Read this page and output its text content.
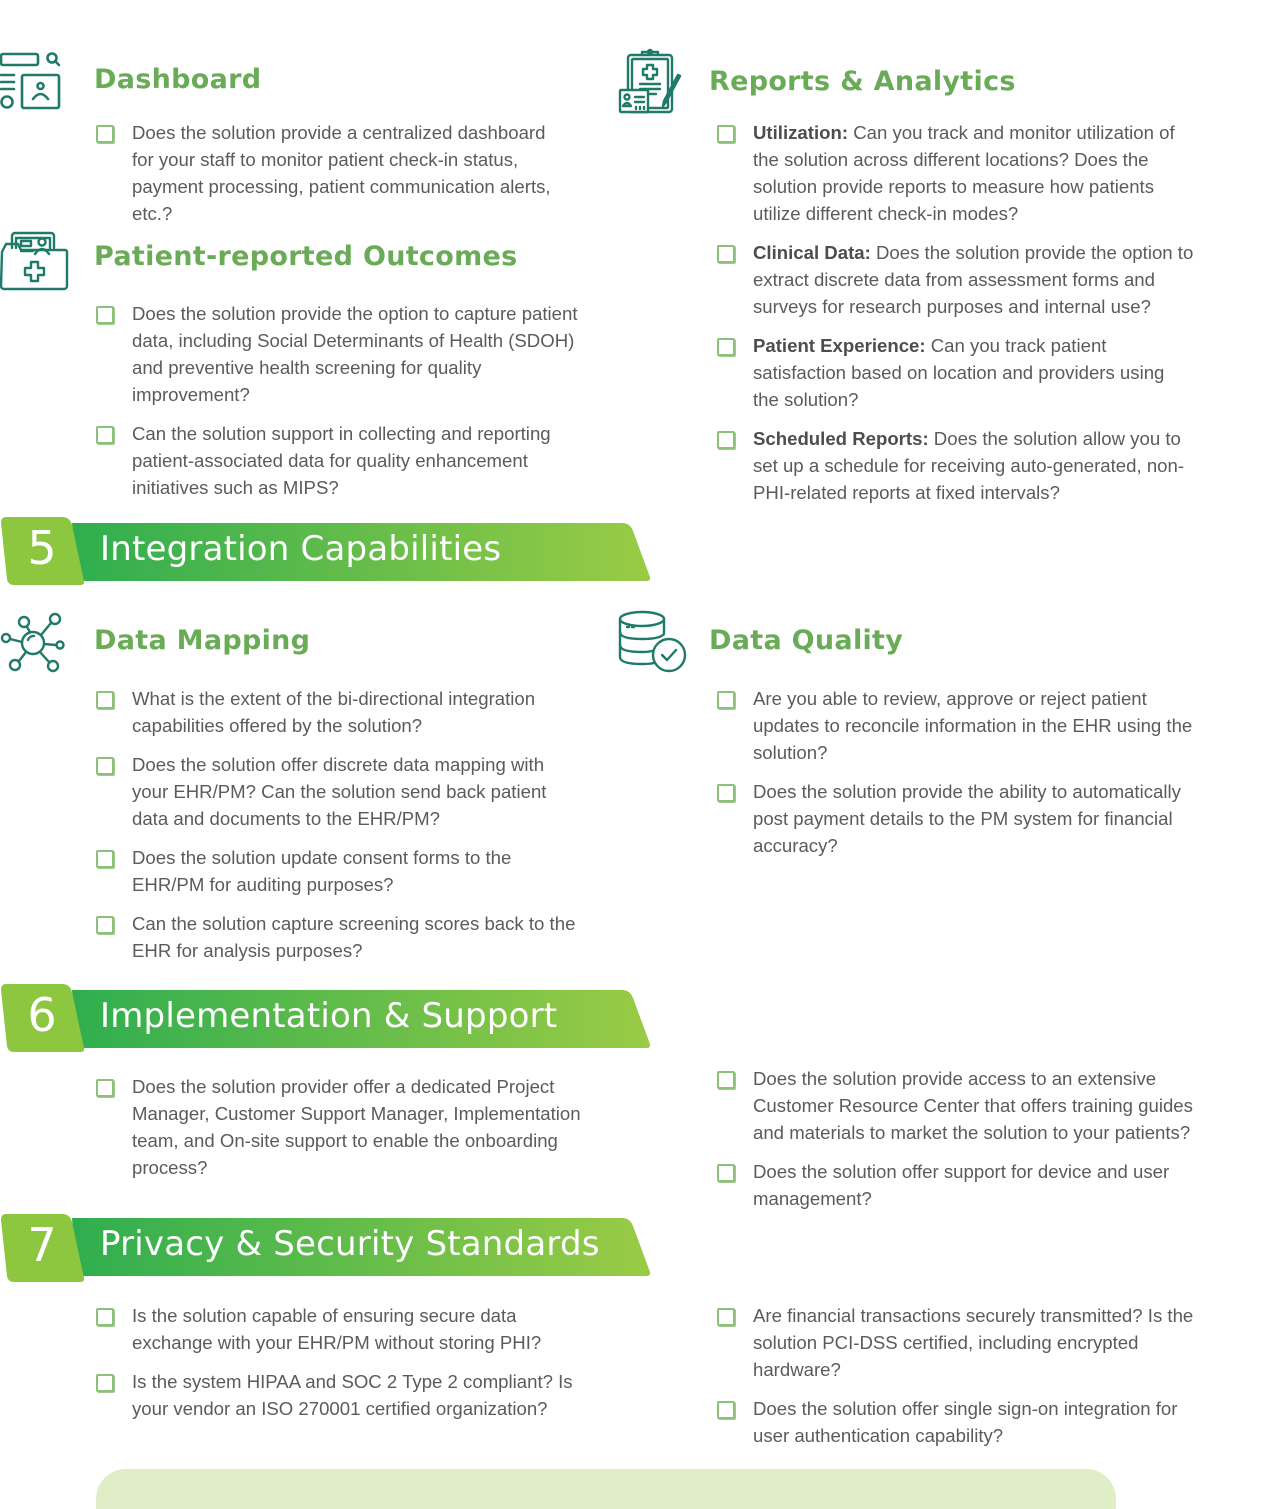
Dashboard
Does the solution provide a centralized dashboard for your staff to monitor patient check-in status, payment processing, patient communication alerts, etc.?
Reports & Analytics
Utilization: Can you track and monitor utilization of the solution across different locations? Does the solution provide reports to measure how patients utilize different check-in modes?
Clinical Data: Does the solution provide the option to extract discrete data from assessment forms and surveys for research purposes and internal use?
Patient Experience: Can you track patient satisfaction based on location and providers using the solution?
Scheduled Reports: Does the solution allow you to set up a schedule for receiving auto-generated, non-PHI-related reports at fixed intervals?
Patient-reported Outcomes
Does the solution provide the option to capture patient data, including Social Determinants of Health (SDOH) and preventive health screening for quality improvement?
Can the solution support in collecting and reporting patient-associated data for quality enhancement initiatives such as MIPS?
5	Integration Capabilities
Data Mapping
What is the extent of the bi-directional integration capabilities offered by the solution?
Does the solution offer discrete data mapping with your EHR/PM? Can the solution send back patient data and documents to the EHR/PM?
Does the solution update consent forms to the EHR/PM for auditing purposes?
Can the solution capture screening scores back to the EHR for analysis purposes?
Data Quality
Are you able to review, approve or reject patient updates to reconcile information in the EHR using the solution?
Does the solution provide the ability to automatically post payment details to the PM system for financial accuracy?
6	Implementation & Support
Does the solution provider offer a dedicated Project Manager, Customer Support Manager, Implementation team, and On-site support to enable the onboarding process?
Does the solution provide access to an extensive Customer Resource Center that offers training guides and materials to market the solution to your patients?
Does the solution offer support for device and user management?
7	Privacy & Security Standards
Is the solution capable of ensuring secure data exchange with your EHR/PM without storing PHI?
Is the system HIPAA and SOC 2 Type 2 compliant? Is your vendor an ISO 270001 certified organization?
Are financial transactions securely transmitted? Is the solution PCI-DSS certified, including encrypted hardware?
Does the solution offer single sign-on integration for user authentication capability?
